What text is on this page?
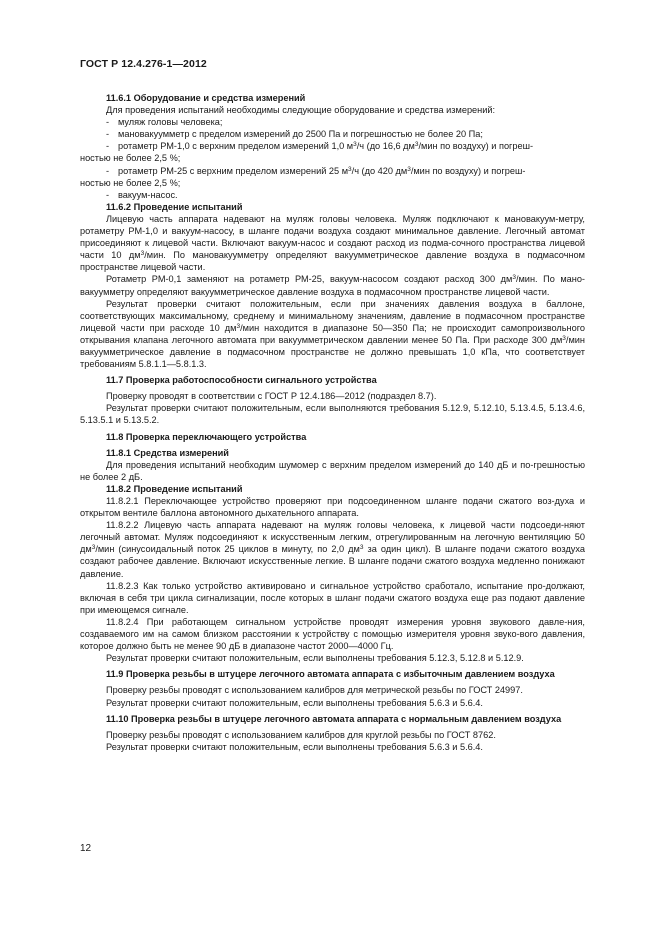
ГОСТ Р 12.4.276-1—2012

11.6.1 Оборудование и средства измерений

Для проведения испытаний необходимы следующие оборудование и средства измерений:

- муляж головы человека;

- мановакуумметр с пределом измерений до 2500 Па и погрешностью не более 20 Па;

- ротаметр РМ-1,0 с верхним пределом измерений 1,0 $м^3/ч$ (до 16,6 $дм^3$/мин по воздуху) и погреш-

ностью не более 2,5 %;

- ротаметр РМ-25 с верхним пределом измерений 25 $м^3/ч$ (до 420 $дм^3$/мин по воздуху) и погреш-

ностью не более 2,5 %;

- вакуум-насос.

11.6.2 Проведение испытаний

Лицевую часть аппарата надевают на муляж головы человека. Муляж подключают к мановакуум-метру, ротаметру РМ-1,0 и вакуум-насосу, в шланге подачи воздуха создают минимальное давление. Легочный автомат присоединяют к лицевой части. Включают вакуум-насос и создают расход из подма-сочного пространства лицевой части 10 $дм^3$/мин. По мановакуумметру определяют вакуумметрическое давление воздуха в подмасочном пространстве лицевой части.

Ротаметр РМ-0,1 заменяют на ротаметр РМ-25, вакуум-насосом создают расход 300 $дм^3$/мин. По мано-вакуумметру определяют вакуумметрическое давление воздуха в подмасочном пространстве лицевой части.

Результат проверки считают положительным, если при значениях давления воздуха в баллоне, соответствующих максимальному, среднему и минимальному значениям, давление в подмасочном пространстве лицевой части при расходе 10 $дм^3$/мин находится в диапазоне 50—350 Па; не происходит самопроизвольного открывания клапана легочного автомата при вакуумметрическом давлении менее 50 Па. При расходе 300 $дм^3$/мин вакуумметрическое давление в подмасочном пространстве не должно превышать 1,0 кПа, что соответствует требованиям 5.8.1.1—5.8.1.3.

11.7 Проверка работоспособности сигнального устройства

Проверку проводят в соответствии с ГОСТ Р 12.4.186—2012 (подраздел 8.7).

Результат проверки считают положительным, если выполняются требования 5.12.9, 5.12.10, 5.13.4.5, 5.13.4.6, 5.13.5.1 и 5.13.5.2.

11.8 Проверка переключающего устройства

11.8.1 Средства измерений

Для проведения испытаний необходим шумомер с верхним пределом измерений до 140 дБ и по-грешностью не более 2 дБ.

11.8.2 Проведение испытаний

11.8.2.1 Переключающее устройство проверяют при подсоединенном шланге подачи сжатого воз-духа и открытом вентиле баллона автономного дыхательного аппарата.

11.8.2.2 Лицевую часть аппарата надевают на муляж головы человека, к лицевой части подсоеди-няют легочный автомат. Муляж подсоединяют к искусственным легким, отрегулированным на легочную вентиляцию 50 $дм^3$/мин (синусоидальный поток 25 циклов в минуту, по 2,0 $дм^3$ за один цикл). В шланге подачи сжатого воздуха создают рабочее давление. Включают искусственные легкие. В шланге подачи сжатого воздуха медленно понижают давление.

11.8.2.3 Как только устройство активировано и сигнальное устройство сработало, испытание про-должают, включая в себя три цикла сигнализации, после которых в шланг подачи сжатого воздуха еще раз подают давление при имеющемся сигнале.

11.8.2.4 При работающем сигнальном устройстве проводят измерения уровня звукового давле-ния, создаваемого им на самом близком расстоянии к устройству с помощью измерителя уровня звуко-вого давления, которое должно быть не менее 90 дБ в диапазоне частот 2000—4000 Гц.

Результат проверки считают положительным, если выполнены требования 5.12.3, 5.12.8 и 5.12.9.

11.9 Проверка резьбы в штуцере легочного автомата аппарата с избыточным давлением воздуха

Проверку резьбы проводят с использованием калибров для метрической резьбы по ГОСТ 24997.

Результат проверки считают положительным, если выполнены требования 5.6.3 и 5.6.4.

11.10 Проверка резьбы в штуцере легочного автомата аппарата с нормальным давлением воздуха

Проверку резьбы проводят с использованием калибров для круглой резьбы по ГОСТ 8762.

Результат проверки считают положительным, если выполнены требования 5.6.3 и 5.6.4.

12
